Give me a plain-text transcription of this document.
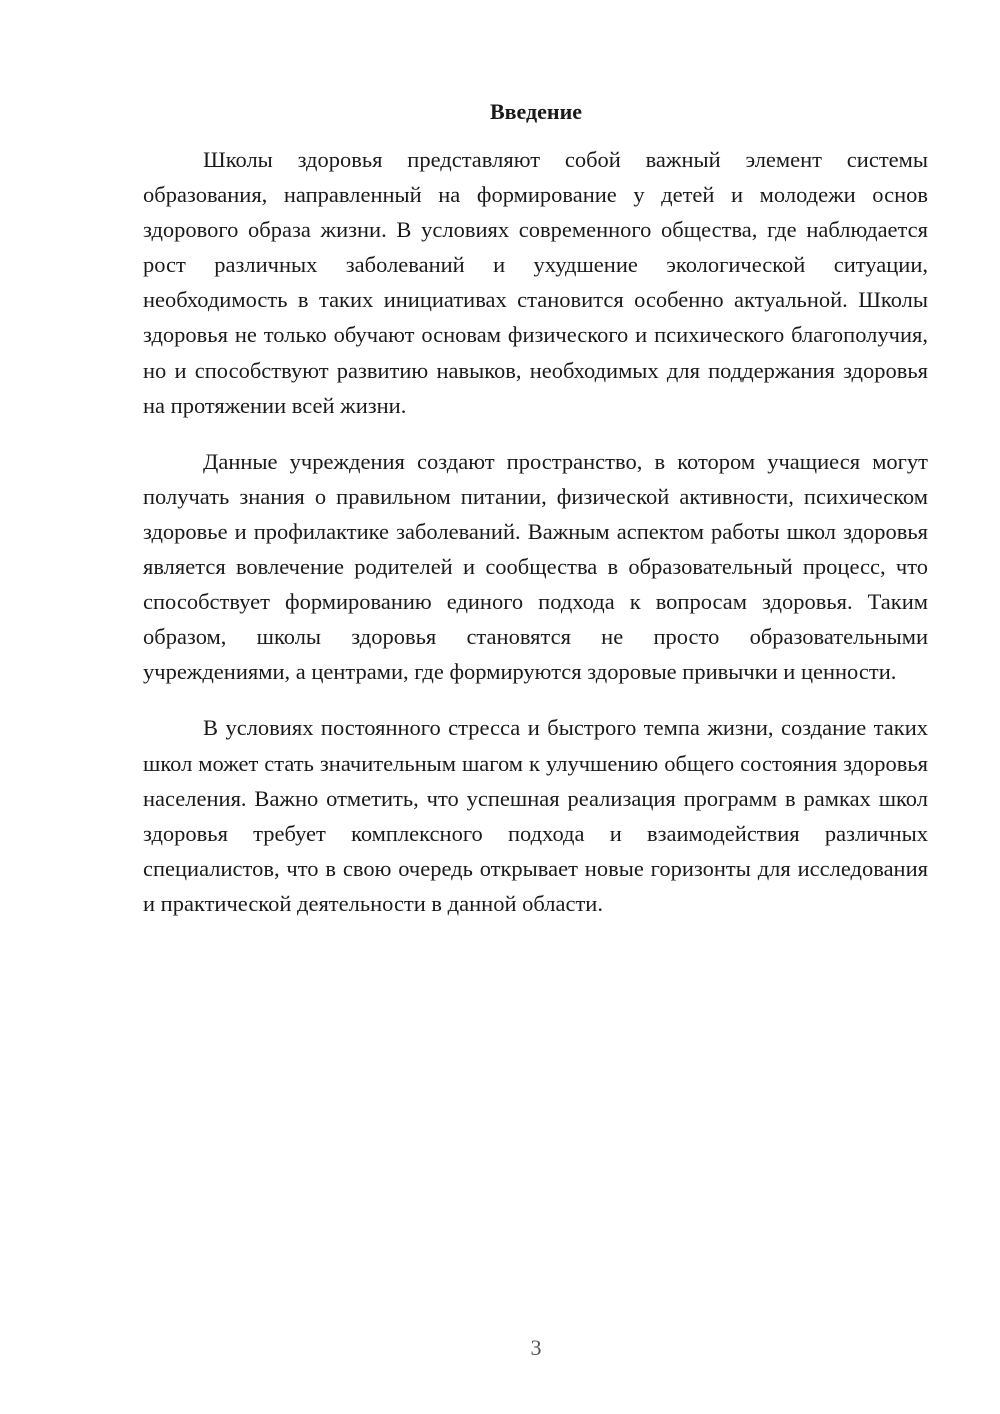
Введение

Школы здоровья представляют собой важный элемент системы образования, направленный на формирование у детей и молодежи основ здорового образа жизни. В условиях современного общества, где наблюдается рост различных заболеваний и ухудшение экологической ситуации, необходимость в таких инициативах становится особенно актуальной. Школы здоровья не только обучают основам физического и психического благополучия, но и способствуют развитию навыков, необходимых для поддержания здоровья на протяжении всей жизни.

Данные учреждения создают пространство, в котором учащиеся могут получать знания о правильном питании, физической активности, психическом здоровье и профилактике заболеваний. Важным аспектом работы школ здоровья является вовлечение родителей и сообщества в образовательный процесс, что способствует формированию единого подхода к вопросам здоровья. Таким образом, школы здоровья становятся не просто образовательными учреждениями, а центрами, где формируются здоровые привычки и ценности.

В условиях постоянного стресса и быстрого темпа жизни, создание таких школ может стать значительным шагом к улучшению общего состояния здоровья населения. Важно отметить, что успешная реализация программ в рамках школ здоровья требует комплексного подхода и взаимодействия различных специалистов, что в свою очередь открывает новые горизонты для исследования и практической деятельности в данной области.

3
